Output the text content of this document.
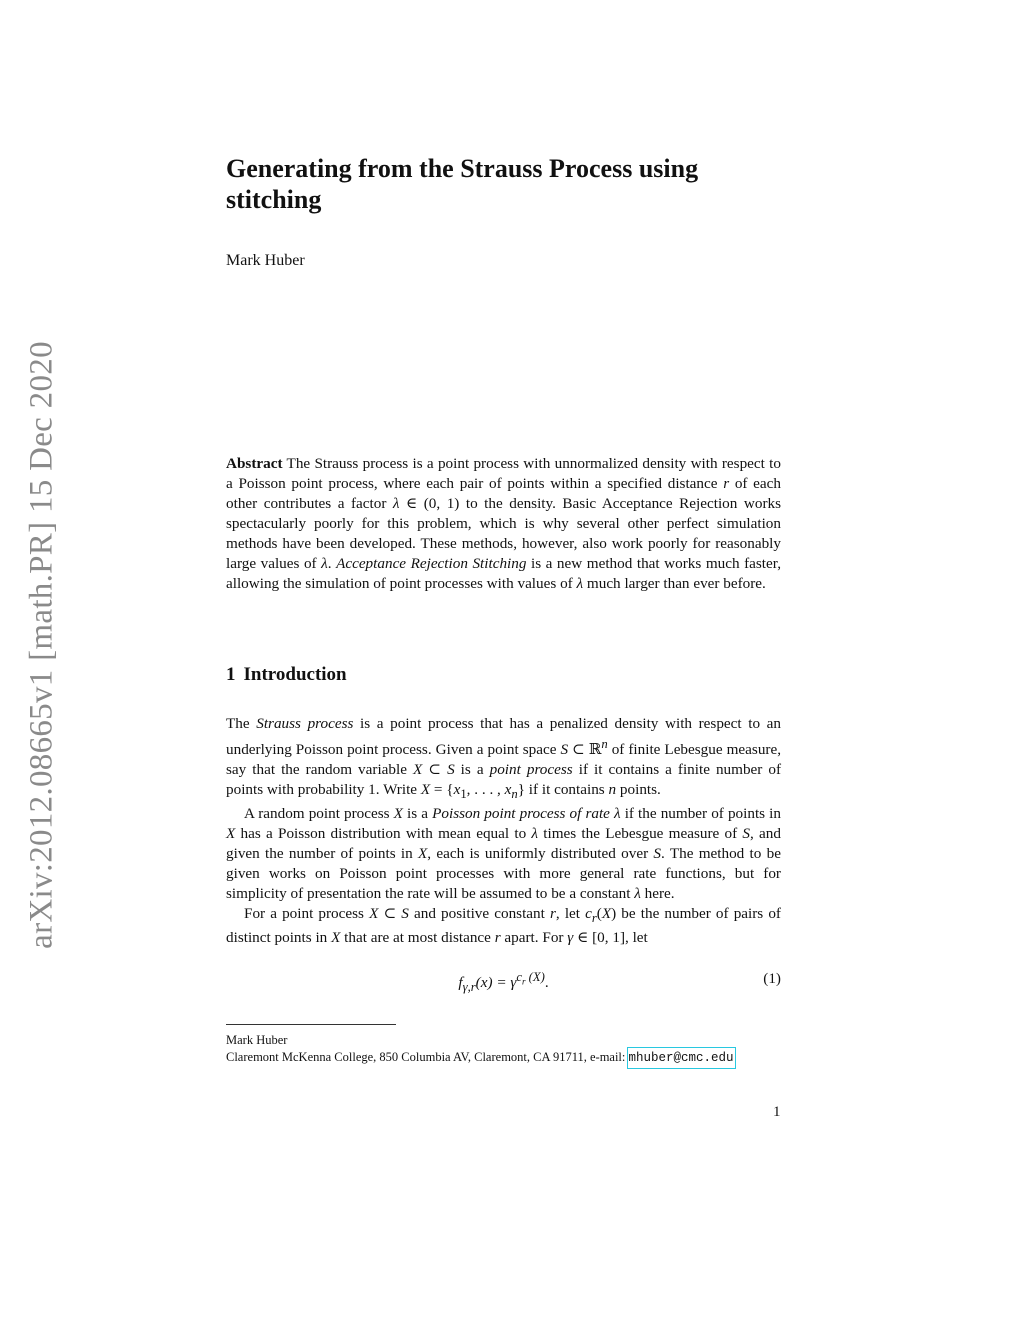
arXiv:2012.08665v1 [math.PR] 15 Dec 2020
Generating from the Strauss Process using stitching
Mark Huber

Abstract The Strauss process is a point process with unnormalized density with respect to a Poisson point process, where each pair of points within a specified distance r of each other contributes a factor λ ∈ (0, 1) to the density. Basic Acceptance Rejection works spectacularly poorly for this problem, which is why several other perfect simulation methods have been developed. These methods, however, also work poorly for reasonably large values of λ. Acceptance Rejection Stitching is a new method that works much faster, allowing the simulation of point processes with values of λ much larger than ever before.

1 Introduction

The Strauss process is a point process that has a penalized density with respect to an underlying Poisson point process. Given a point space S ⊂ ℝ$^n$ of finite Lebesgue measure, say that the random variable X ⊂ S is a point process if it contains a finite number of points with probability 1. Write $X = \{x_1$, . . . , $x_n$} if it contains n points.

A random point process X is a Poisson point process of rate λ if the number of points in X has a Poisson distribution with mean equal to λ times the Lebesgue measure of S, and given the number of points in X, each is uniformly distributed over S. The method to be given works on Poisson point processes with more general rate functions, but for simplicity of presentation the rate will be assumed to be a constant λ here.

For a point process X ⊂ S and positive constant r, let $c_r(X)$ be the number of pairs of distinct points in X that are at most distance r apart. For γ ∈ [0, 1], let

$f_{\gamma,r}(x) = \gamma^{c_r (X)}$.	(1)
Mark Huber
Claremont McKenna College, 850 Columbia AV, Claremont, CA 91711, e-mail: mhuber@cmc.edu
1
